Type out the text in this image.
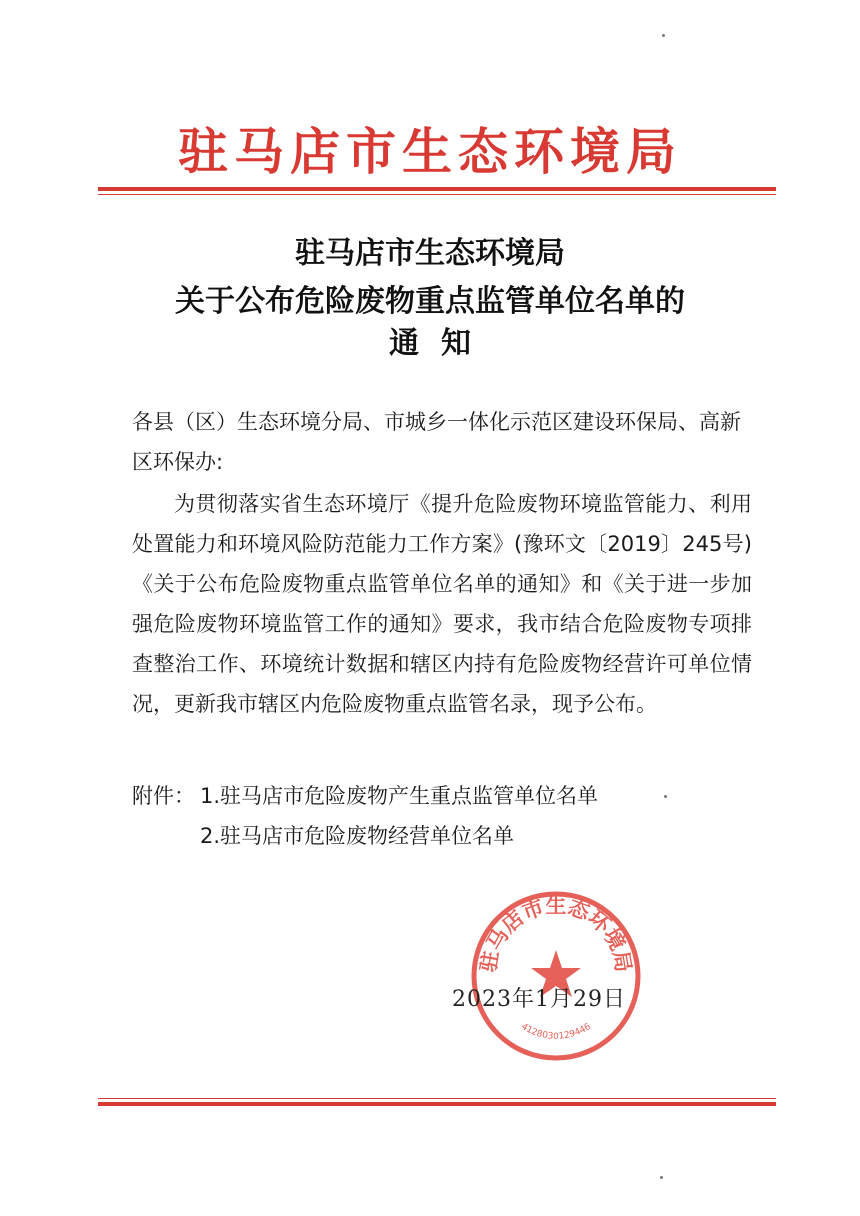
驻马店市生态环境局
驻马店市生态环境局
关于公布危险废物重点监管单位名单的
通知
各县（区）生态环境分局、市城乡一体化示范区建设环保局、高新区环保办:
为贯彻落实省生态环境厅《提升危险废物环境监管能力、利用处置能力和环境风险防范能力工作方案》(豫环文〔2019〕245号)《关于公布危险废物重点监管单位名单的通知》和《关于进一步加强危险废物环境监管工作的通知》要求，我市结合危险废物专项排查整治工作、环境统计数据和辖区内持有危险废物经营许可单位情况，更新我市辖区内危险废物重点监管名录，现予公布。
附件： 1.驻马店市危险废物产生重点监管单位名单
2.驻马店市危险废物经营单位名单
驻马店市生态环境局
4128030129446
2023年1月29日
